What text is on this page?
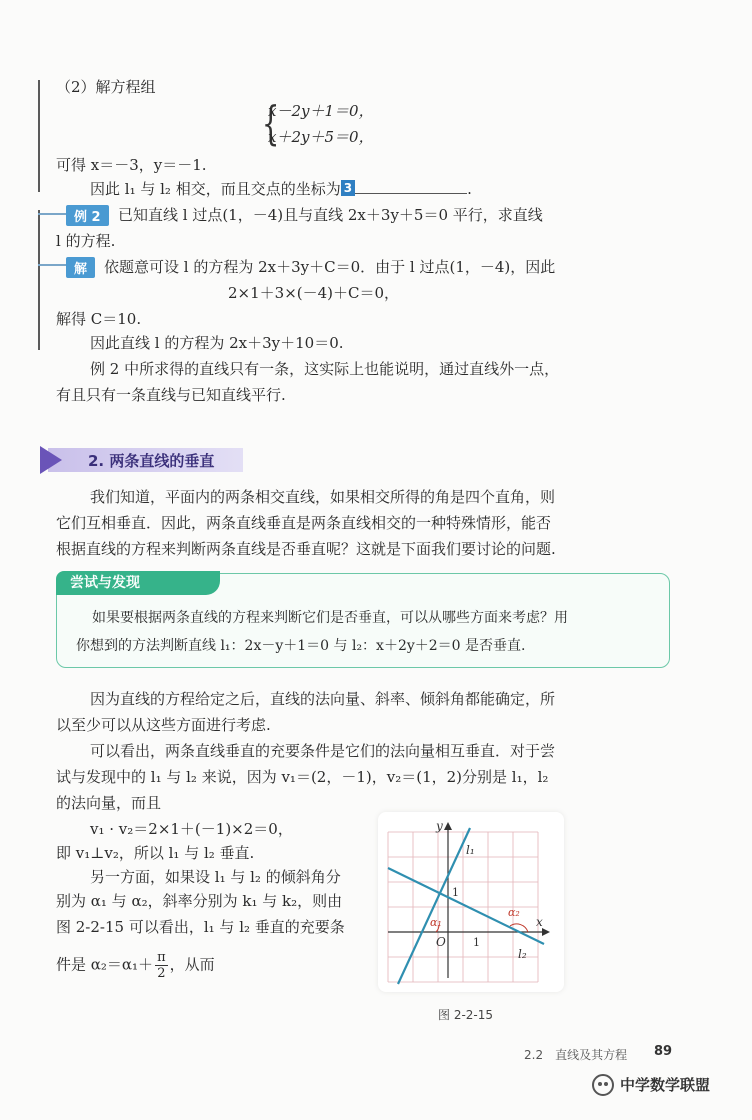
（2）解方程组
{
x－2y＋1＝0，
x＋2y＋5＝0，
可得 x＝－3，y＝－1.
因此 l₁ 与 l₂ 相交，而且交点的坐标为 3	.
例 2	已知直线 l 过点(1，－4)且与直线 2x＋3y＋5＝0 平行，求直线
l 的方程.
解	依题意可设 l 的方程为 2x＋3y＋C＝0．由于 l 过点(1，－4)，因此
2×1＋3×(－4)＋C＝0，
解得 C＝10.
因此直线 l 的方程为 2x＋3y＋10＝0.
例 2 中所求得的直线只有一条，这实际上也能说明，通过直线外一点，
有且只有一条直线与已知直线平行.
2. 两条直线的垂直
我们知道，平面内的两条相交直线，如果相交所得的角是四个直角，则
它们互相垂直．因此，两条直线垂直是两条直线相交的一种特殊情形，能否
根据直线的方程来判断两条直线是否垂直呢？这就是下面我们要讨论的问题.
尝试与发现
如果要根据两条直线的方程来判断它们是否垂直，可以从哪些方面来考虑？用
你想到的方法判断直线 l₁：2x－y＋1＝0 与 l₂：x＋2y＋2＝0 是否垂直.
因为直线的方程给定之后，直线的法向量、斜率、倾斜角都能确定，所
以至少可以从这些方面进行考虑.
可以看出，两条直线垂直的充要条件是它们的法向量相互垂直．对于尝
试与发现中的 l₁ 与 l₂ 来说，因为 v₁＝(2，－1)，v₂＝(1，2)分别是 l₁，l₂
的法向量，而且
v₁ · v₂＝2×1＋(－1)×2＝0，
即 v₁⊥v₂，所以 l₁ 与 l₂ 垂直.
另一方面，如果设 l₁ 与 l₂ 的倾斜角分
别为 α₁ 与 α₂，斜率分别为 k₁ 与 k₂，则由
图 2-2-15 可以看出，l₁ 与 l₂ 垂直的充要条
件是 $\alpha_2=\alpha_1+ \frac{\pi}{2}$ ，从而
y
x
O 1
1
l₁
l₂
α₁
α₂
图 2-2-15
2.2　直线及其方程 89
中学数学联盟
